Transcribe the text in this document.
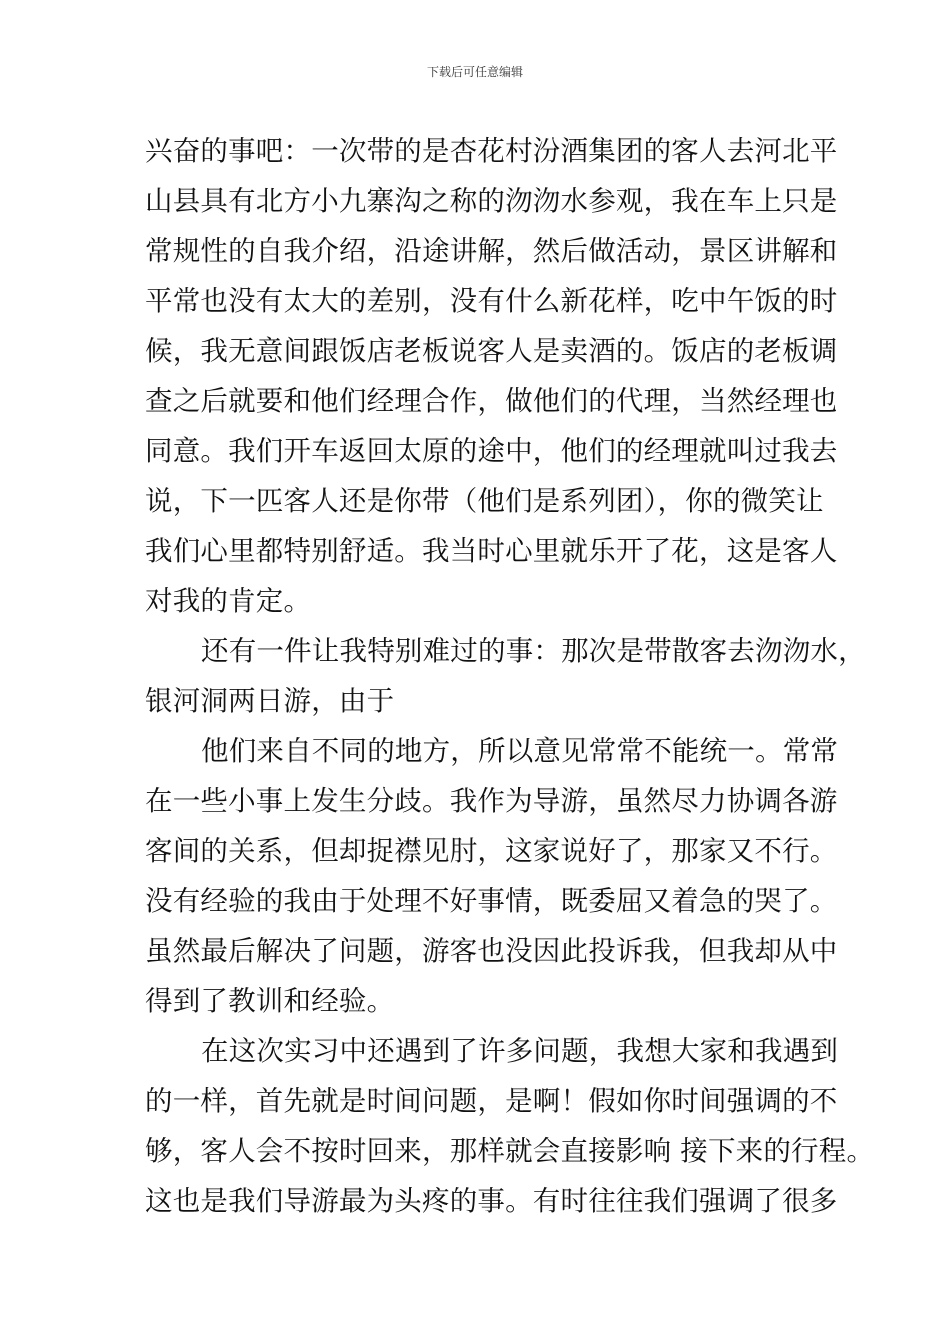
下载后可任意编辑
兴奋的事吧：一次带的是杏花村汾酒集团的客人去河北平
山县具有北方小九寨沟之称的沕沕水参观，我在车上只是
常规性的自我介绍，沿途讲解，然后做活动，景区讲解和
平常也没有太大的差别，没有什么新花样，吃中午饭的时
候，我无意间跟饭店老板说客人是卖酒的。饭店的老板调
查之后就要和他们经理合作，做他们的代理，当然经理也
同意。我们开车返回太原的途中，他们的经理就叫过我去
说，下一匹客人还是你带（他们是系列团），你的微笑让
我们心里都特别舒适。我当时心里就乐开了花，这是客人
对我的肯定。
还有一件让我特别难过的事：那次是带散客去沕沕水，
银河洞两日游，由于
他们来自不同的地方，所以意见常常不能统一。常常
在一些小事上发生分歧。我作为导游，虽然尽力协调各游
客间的关系，但却捉襟见肘，这家说好了，那家又不行。
没有经验的我由于处理不好事情，既委屈又着急的哭了。
虽然最后解决了问题，游客也没因此投诉我，但我却从中
得到了教训和经验。
在这次实习中还遇到了许多问题，我想大家和我遇到
的一样，首先就是时间问题，是啊！假如你时间强调的不
够，客人会不按时回来，那样就会直接影响 接下来的行程。
这也是我们导游最为头疼的事。有时往往我们强调了很多
